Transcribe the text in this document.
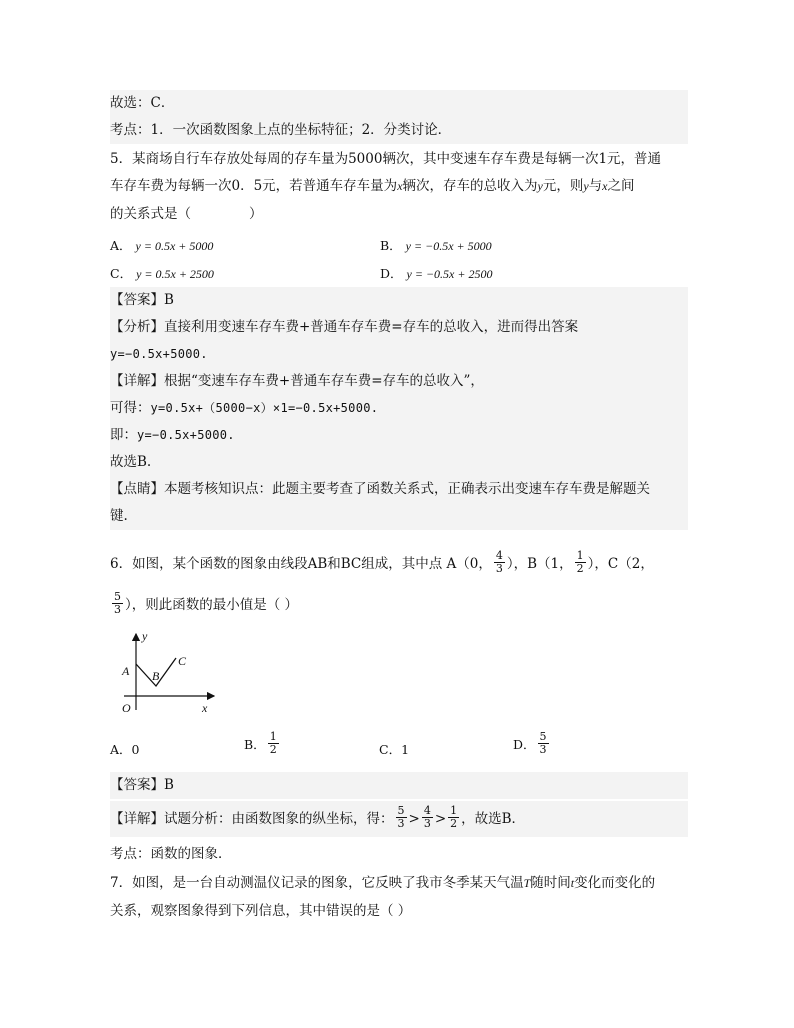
故选：C．
考点：1．一次函数图象上点的坐标特征；2．分类讨论．
5．某商场自行车存放处每周的存车量为5000辆次，其中变速车存车费是每辆一次1元，普通
车存车费为每辆一次0．5元，若普通车存车量为x辆次，存车的总收入为y元，则y与x之间
的关系式是（	）
A． y = 0.5x + 5000	B． y = −0.5x + 5000
C． y = 0.5x + 2500	D． y = −0.5x + 2500
【答案】B
【分析】直接利用变速车存车费+普通车存车费=存车的总收入，进而得出答案
y=−0.5x+5000.
【详解】根据“变速车存车费+普通车存车费=存车的总收入”，
可得：y=0.5x+（5000−x）×1=−0.5x+5000.
即：y=−0.5x+5000.
故选B.
【点睛】本题考核知识点：此题主要考查了函数关系式，正确表示出变速车存车费是解题关
键.
6．如图，某个函数的图象由线段AB和BC组成，其中点 A（0， $\frac{4}{3}$ ），B（1， $\frac{1}{2}$ ），C（2，
$\frac{5}{3}$ ），则此函数的最小值是（ ）
y
x
O
A B
C
A．0	B． $\frac{1}{2}$	C．1	D． $\frac{5}{3}$
【答案】B
【详解】试题分析：由函数图象的纵坐标，得： $\frac{5}{3} > \frac{4}{3} > \frac{1}{2}$ ，故选B．
考点：函数的图象．
7．如图，是一台自动测温仪记录的图象，它反映了我市冬季某天气温T随时间t变化而变化的
关系，观察图象得到下列信息，其中错误的是（ ）
